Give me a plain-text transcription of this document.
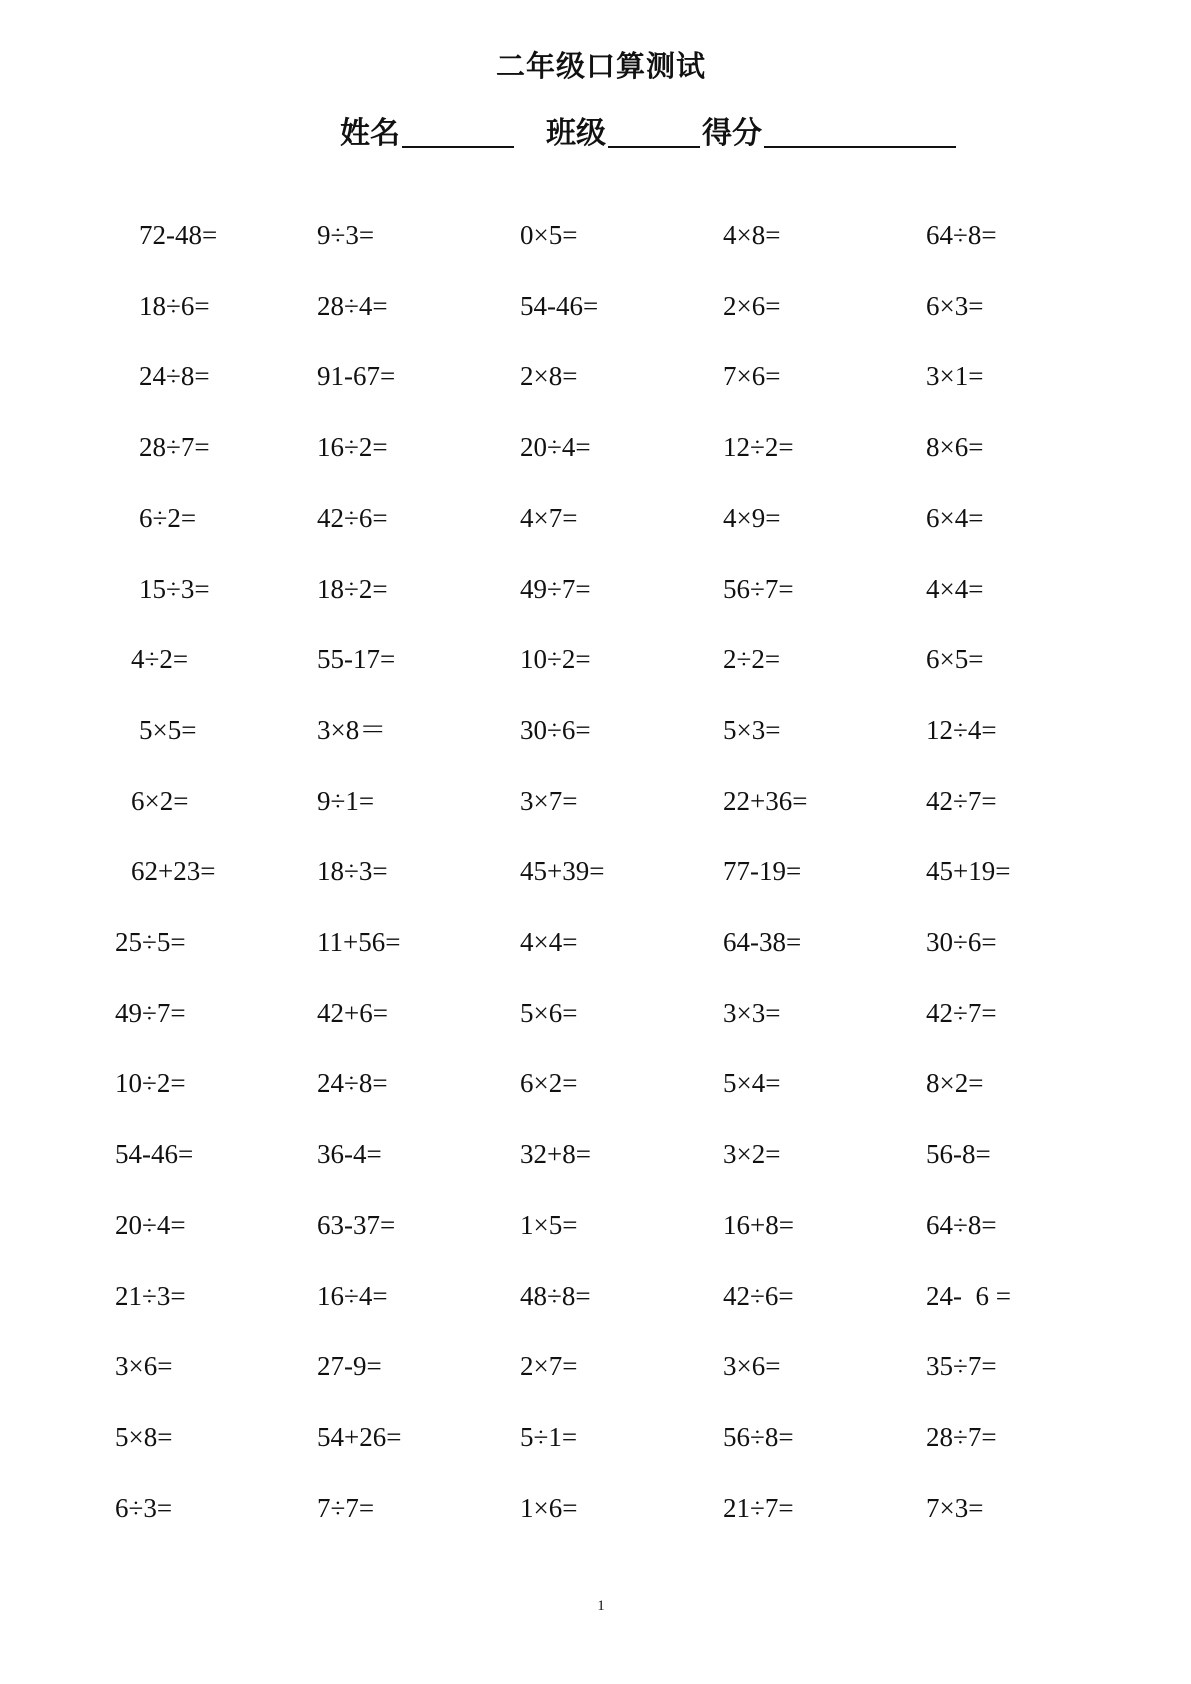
二年级口算测试
姓名	班级	得分
72-48=	9÷3=	0×5=	4×8=	64÷8=
18÷6=	28÷4=	54-46=	2×6=	6×3=
24÷8=	91-67=	2×8=	7×6=	3×1=
28÷7=	16÷2=	20÷4=	12÷2=	8×6=
6÷2=	42÷6=	4×7=	4×9=	6×4=
15÷3=	18÷2=	49÷7=	56÷7=	4×4=
4÷2=	55-17=	10÷2=	2÷2=	6×5=
5×5=	3×8＝	30÷6=	5×3=	12÷4=
6×2=	9÷1=	3×7=	22+36=	42÷7=
62+23=	18÷3=	45+39=	77-19=	45+19=
25÷5=	11+56=	4×4=	64-38=	30÷6=
49÷7=	42+6=	5×6=	3×3=	42÷7=
10÷2=	24÷8=	6×2=	5×4=	8×2=
54-46=	36-4=	32+8=	3×2=	56-8=
20÷4=	63-37=	1×5=	16+8=	64÷8=
21÷3=	16÷4=	48÷8=	42÷6=	24-  6 =
3×6=	27-9=	2×7=	3×6=	35÷7=
5×8=	54+26=	5÷1=	56÷8=	28÷7=
6÷3=	7÷7=	1×6=	21÷7=	7×3=
1
